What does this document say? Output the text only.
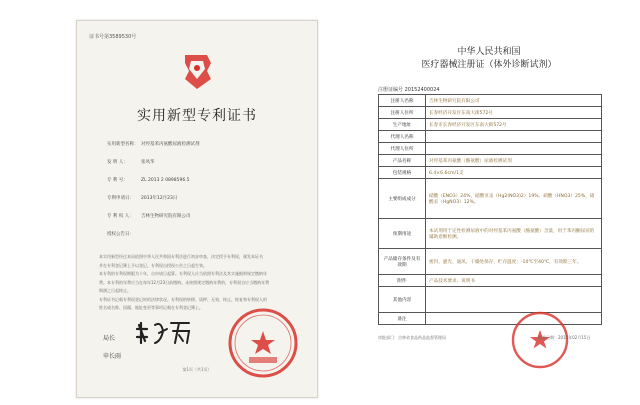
证书号第3589530号
实用新型专利证书
实用新型名称： 对羟基苯丙氨酸尿液检测试剂
发 明 人：	张凤华
专 利 号：	ZL 2013 2 0898596.5
专利申请日： 2013年12月23日
专 利 权 人： 吉林生物研究院有限公司
授权公告日：
本实用新型经过本局依照中华人民共和国专利法进行初步审查，决定授予专利权，颁发本证书
并在专利登记簿上予以登记。专利权自授权公告之日起生效。
本专利的专利权期限为十年，自申请日起算。专利权人应当依照专利法及其实施细则规定缴纳年
费。本专利的年费应当在每年12月23日前缴纳。未按照规定缴纳年费的，专利权自应当缴纳年费
期满之日起终止。
专利证书记载专利权登记时的法律状况。专利权的转移、质押、无效、终止、恢复和专利权人的
姓名或名称、国籍、地址变更等事项记载在专利登记簿上。
局长
申长雨
第1页（共1页）
中华人民共和国
医疗器械注册证（体外诊断试剂）
注册证编号 20152400024
注册人名称	吉林生物研究院有限公司
注册人住所	长春经济开发区东南大街572号
生产地址	长春市长春经济开发区东南大街572号
代理人名称	
代理人住所	
产品名称	对羟基苯丙氨酸（酪氨酸）尿液检测试剂
包装规格	6.4×6.6cm/1支
主要组成成分	硝酸（ENO3）24%，硝酸亚汞（Hg2(NO3)2）19%，硝酸（HNO3）25%，硝酸汞（HgNO3）12%。
预期用途	本试剂用于定性检测尿液中的对羟基苯丙氨酸（酪氨酸）含量，用于苯丙酮尿症的辅助诊断检测。
产品储存条件及有效期	密封、避光、通风、干燥处保存，贮存温度：-10℃至40℃，有效期三年。
附件	产品技术要求、说明书
其他内容	
备注	
审批部门：吉林省食品药品监督管理局	批准日期：2015年02月15日
